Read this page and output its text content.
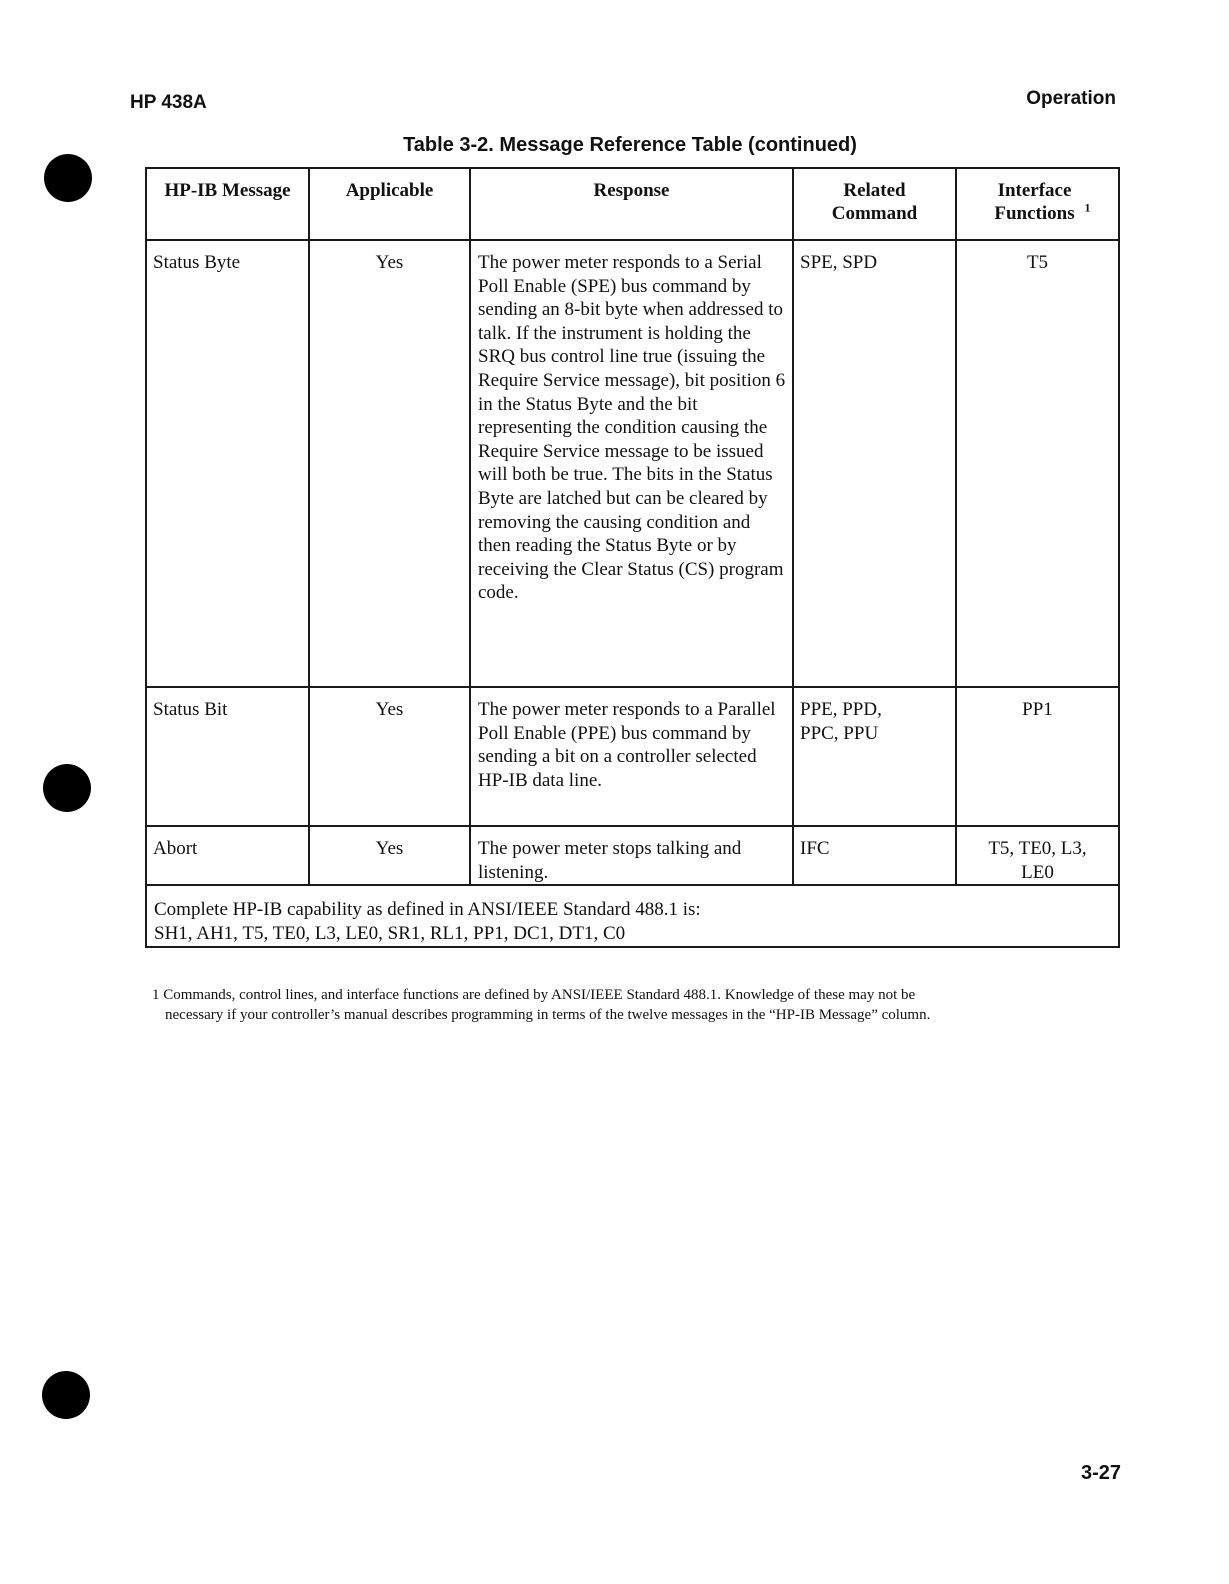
HP 438A	Operation
Table 3-2. Message Reference Table (continued)
HP-IB Message	Applicable	Response	Related Command	Interface Functions $^1$

Status Byte	Yes	The power meter responds to a Serial Poll Enable (SPE) bus command by sending an 8-bit byte when addressed to talk. If the instrument is holding the SRQ bus control line true (issuing the Require Service message), bit position 6 in the Status Byte and the bit representing the condition causing the Require Service message to be issued will both be true. The bits in the Status Byte are latched but can be cleared by removing the causing condition and then reading the Status Byte or by receiving the Clear Status (CS) program code.	SPE, SPD	T5

Status Bit	Yes	The power meter responds to a Parallel Poll Enable (PPE) bus command by sending a bit on a controller selected HP-IB data line.	PPE, PPD, PPC, PPU	PP1

Abort	Yes	The power meter stops talking and listening.	IFC	T5, TE0, L3, LE0

Complete HP-IB capability as defined in ANSI/IEEE Standard 488.1 is:
SH1, AH1, T5, TE0, L3, LE0, SR1, RL1, PP1, DC1, DT1, C0				
1 Commands, control lines, and interface functions are defined by ANSI/IEEE Standard 488.1. Knowledge of these may not be
necessary if your controller’s manual describes programming in terms of the twelve messages in the “HP-IB Message” column.
3-27
